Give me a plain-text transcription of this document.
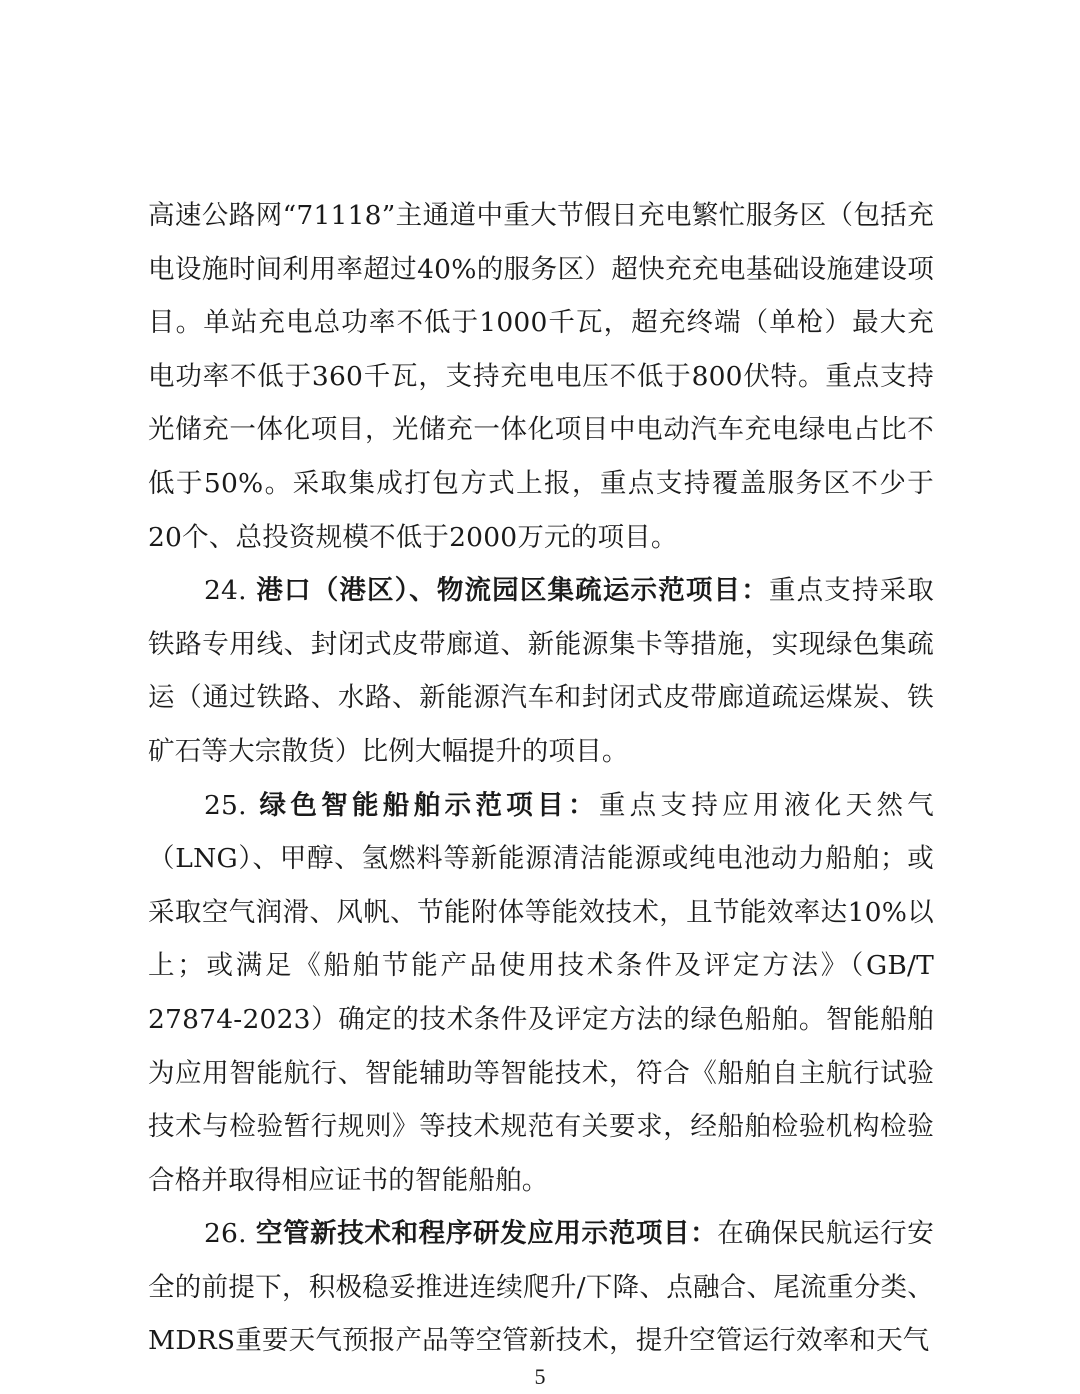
高速公路网“71118”主通道中重大节假日充电繁忙服务区（包括充电设施时间利用率超过40%的服务区）超快充充电基础设施建设项目。单站充电总功率不低于1000千瓦，超充终端（单枪）最大充电功率不低于360千瓦，支持充电电压不低于800伏特。重点支持光储充一体化项目，光储充一体化项目中电动汽车充电绿电占比不低于50%。采取集成打包方式上报，重点支持覆盖服务区不少于20个、总投资规模不低于2000万元的项目。

24. 港口（港区）、物流园区集疏运示范项目：重点支持采取铁路专用线、封闭式皮带廊道、新能源集卡等措施，实现绿色集疏运（通过铁路、水路、新能源汽车和封闭式皮带廊道疏运煤炭、铁矿石等大宗散货）比例大幅提升的项目。

25. 绿色智能船舶示范项目：重点支持应用液化天然气（LNG）、甲醇、氢燃料等新能源清洁能源或纯电池动力船舶；或采取空气润滑、风帆、节能附体等能效技术，且节能效率达10%以上；或满足《船舶节能产品使用技术条件及评定方法》（GB/T 27874-2023）确定的技术条件及评定方法的绿色船舶。智能船舶为应用智能航行、智能辅助等智能技术，符合《船舶自主航行试验技术与检验暂行规则》等技术规范有关要求，经船舶检验机构检验合格并取得相应证书的智能船舶。

26. 空管新技术和程序研发应用示范项目：在确保民航运行安全的前提下，积极稳妥推进连续爬升/下降、点融合、尾流重分类、MDRS重要天气预报产品等空管新技术，提升空管运行效率和天气

5
